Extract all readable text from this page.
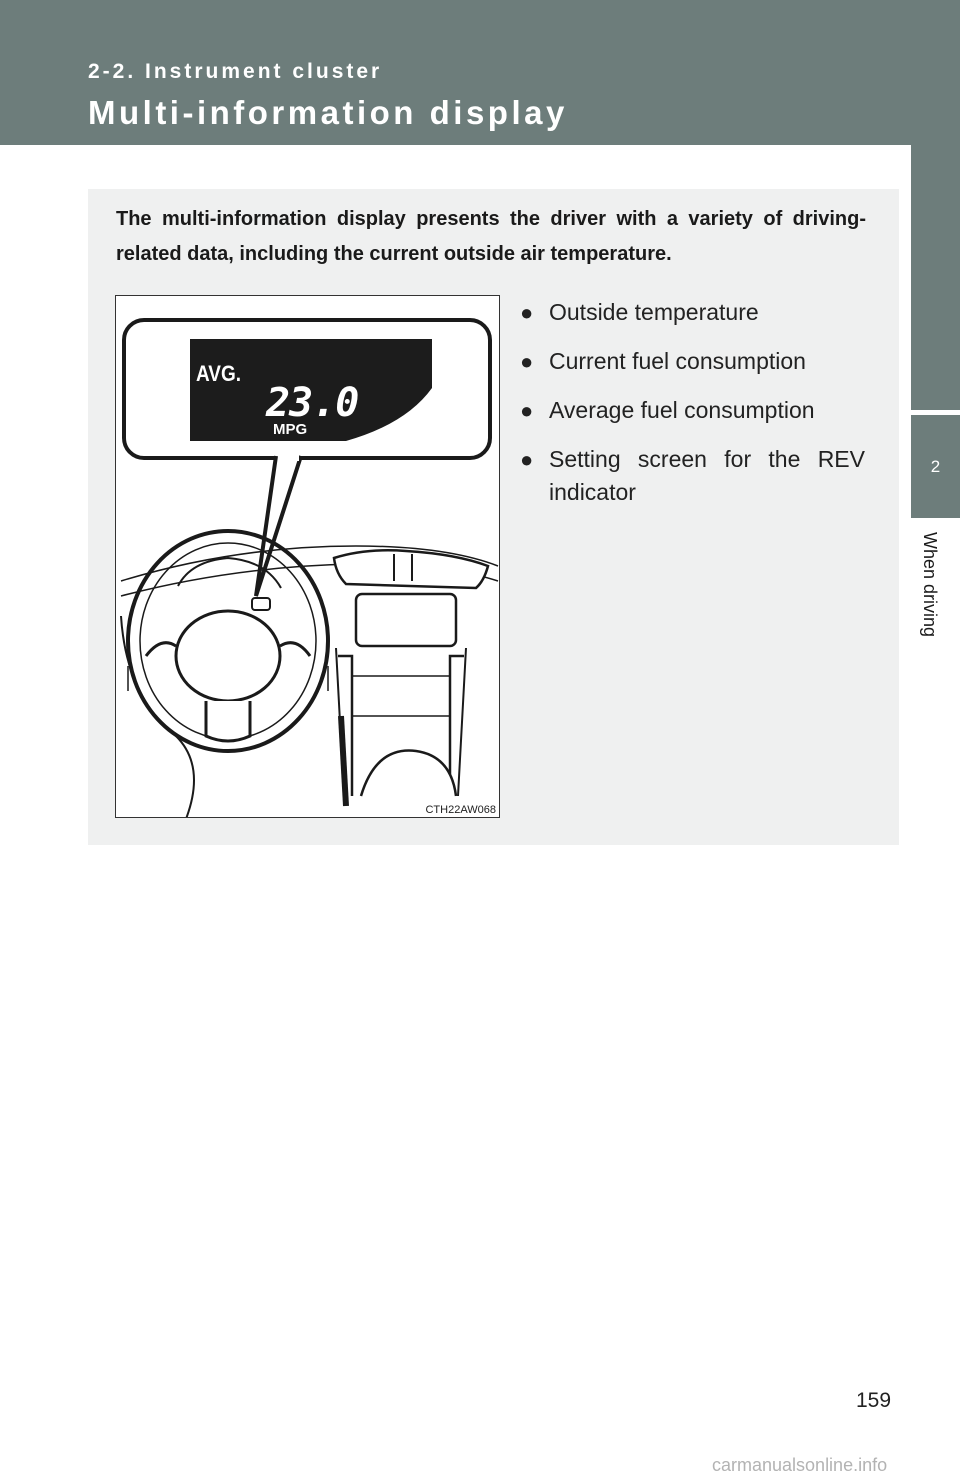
2-2. Instrument cluster
Multi-information display
2
When driving
The multi-information display presents the driver with a variety of driving-related data, including the current outside air temperature.
AVG.
23.0
MPG
CTH22AW068
● Outside temperature
● Current fuel consumption
● Average fuel consumption
● Setting screen for the REV indicator
159
carmanualsonline.info
